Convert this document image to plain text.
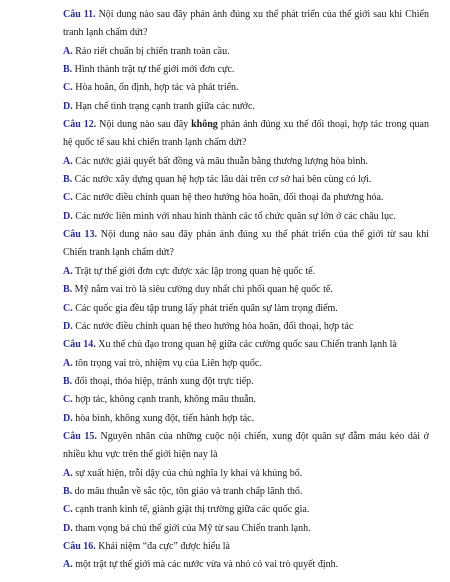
Câu 11. Nội dung nào sau đây phản ánh đúng xu thế phát triển của thế giới sau khi Chiến tranh lạnh chấm dứt?

A. Rảo riết chuẩn bị chiến tranh toàn cầu.

B. Hình thành trật tự thế giới mới đơn cực.

C. Hòa hoãn, ổn định, hợp tác và phát triển.

D. Hạn chế tình trạng cạnh tranh giữa các nước.

Câu 12. Nội dung nào sau đây không phản ánh đúng xu thế đối thoại, hợp tác trong quan hệ quốc tế sau khi chiến tranh lạnh chấm dứt?

A. Các nước giải quyết bất đồng và mâu thuẫn bằng thương lượng hòa bình.

B. Các nước xây dựng quan hệ hợp tác lâu dài trên cơ sở hai bên cùng có lợi.

C. Các nước điều chỉnh quan hệ theo hướng hòa hoãn, đối thoại đa phương hóa.

D. Các nước liên minh với nhau hình thành các tổ chức quân sự lớn ở các châu lục.

Câu 13. Nội dung nào sau đây phản ánh đúng xu thế phát triển của thế giới từ sau khi Chiến tranh lạnh chấm dứt?

A. Trật tự thế giới đơn cực được xác lập trong quan hệ quốc tế.

B. Mỹ nắm vai trò là siêu cường duy nhất chi phối quan hệ quốc tế.

C. Các quốc gia đều tập trung lấy phát triển quân sự làm trọng điểm.

D. Các nước điều chỉnh quan hệ theo hướng hòa hoãn, đối thoại, hợp tác

Câu 14. Xu thế chủ đạo trong quan hệ giữa các cường quốc sau Chiến tranh lạnh là

A. tôn trọng vai trò, nhiệm vụ của Liên hợp quốc.

B. đối thoại, thỏa hiệp, tránh xung đột trực tiếp.

C. hợp tác, không cạnh tranh, không mâu thuẫn.

D. hòa bình, không xung đột, tiến hành hợp tác.

Câu 15. Nguyên nhân của những cuộc nội chiến, xung đột quân sự đẫm máu kéo dài ở nhiều khu vực trên thế giới hiện nay là

A. sự xuất hiện, trỗi dậy của chủ nghĩa ly khai và khủng bố.

B. do mâu thuẫn về sắc tộc, tôn giáo và tranh chấp lãnh thổ.

C. cạnh tranh kinh tế, giành giật thị trường giữa các quốc gia.

D. tham vọng bá chủ thế giới của Mỹ từ sau Chiến tranh lạnh.

Câu 16. Khái niệm “đa cực” được hiểu là

A. một trật tự thế giới mà các nước vừa và nhỏ có vai trò quyết định.
